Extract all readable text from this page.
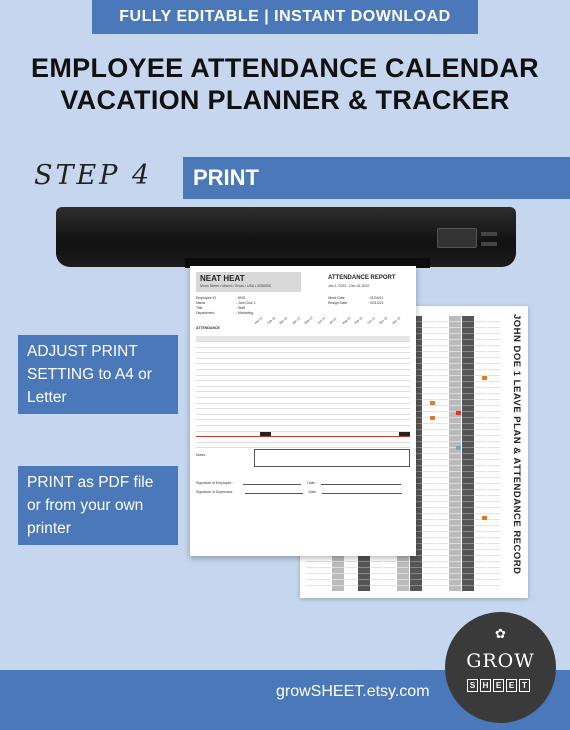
FULLY EDITABLE | INSTANT DOWNLOAD
EMPLOYEE ATTENDANCE CALENDAR
VACATION PLANNER & TRACKER
STEP 4	PRINT
JOHN DOE 1 LEAVE PLAN & ATTENDANCE RECORD
NEAT HEAT
Moon Street • Miami • Texas • USA • 3256006
ATTENDANCE REPORT
Jan 1, 2022 - Dec 31,2022
Employee ID	: 8001
Name	: John Doe 1
Title	: Staff
Department	: Marketing
Hired Date	: 01/04/11
Resign Date	: 02/13/21
ATTENDANCE
Jan-22 Feb-22 Mar-22 Apr-22	May-22 Jun-22 Jul-22	Aug-22 Sep-22 Oct-22	Nov-22 Dec-22

Notes :
Signature of Employee :	Date :
Signature of Supervisor :	Date :
ADJUST PRINT SETTING to A4 or Letter
PRINT as PDF file or from your own printer
growSHEET.etsy.com
✿
GROW
S H E E T
